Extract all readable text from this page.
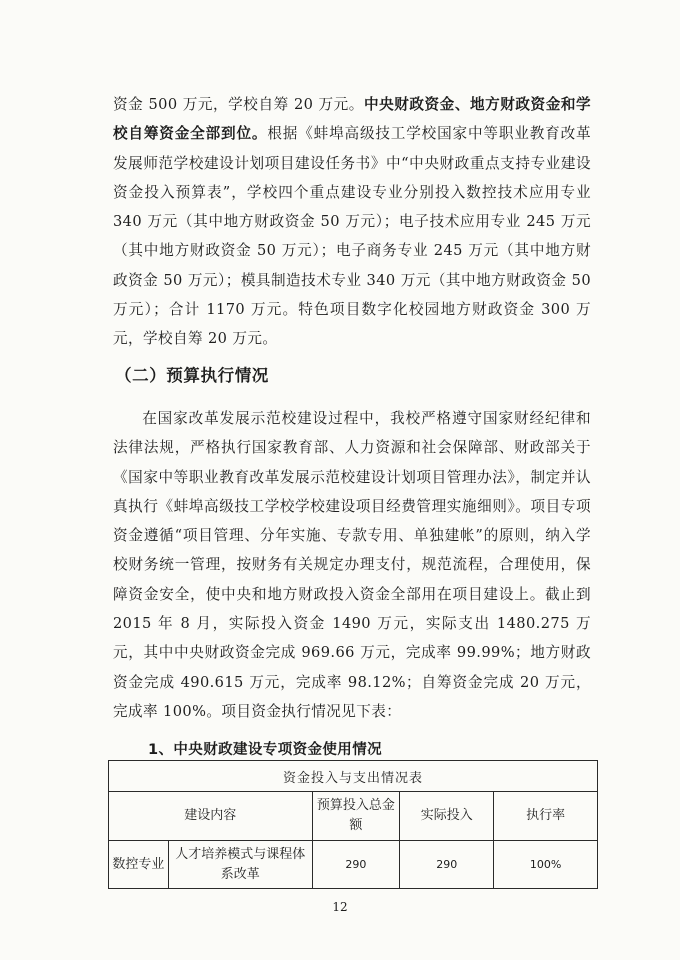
资金 500 万元，学校自筹 20 万元。中央财政资金、地方财政资金和学校自筹资金全部到位。根据《蚌埠高级技工学校国家中等职业教育改革发展师范学校建设计划项目建设任务书》中“中央财政重点支持专业建设资金投入预算表”，学校四个重点建设专业分别投入数控技术应用专业 340 万元（其中地方财政资金 50 万元）；电子技术应用专业 245 万元（其中地方财政资金 50 万元）；电子商务专业 245 万元（其中地方财政资金 50 万元）；模具制造技术专业 340 万元（其中地方财政资金 50 万元）；合计 1170 万元。特色项目数字化校园地方财政资金 300 万元，学校自筹 20 万元。

（二）预算执行情况

在国家改革发展示范校建设过程中，我校严格遵守国家财经纪律和法律法规，严格执行国家教育部、人力资源和社会保障部、财政部关于《国家中等职业教育改革发展示范校建设计划项目管理办法》，制定并认真执行《蚌埠高级技工学校学校建设项目经费管理实施细则》。项目专项资金遵循“项目管理、分年实施、专款专用、单独建帐”的原则，纳入学校财务统一管理，按财务有关规定办理支付，规范流程，合理使用，保障资金安全，使中央和地方财政投入资金全部用在项目建设上。截止到 2015 年 8 月，实际投入资金 1490 万元，实际支出 1480.275 万元，其中中央财政资金完成 969.66 万元，完成率 99.99%；地方财政资金完成 490.615 万元，完成率 98.12%；自筹资金完成 20 万元，完成率 100%。项目资金执行情况见下表：

1、中央财政建设专项资金使用情况
资金投入与支出情况表				
建设内容		预算投入总金额	实际投入	执行率
数控专业	人才培养模式与课程体系改革	290	290	100%
12
